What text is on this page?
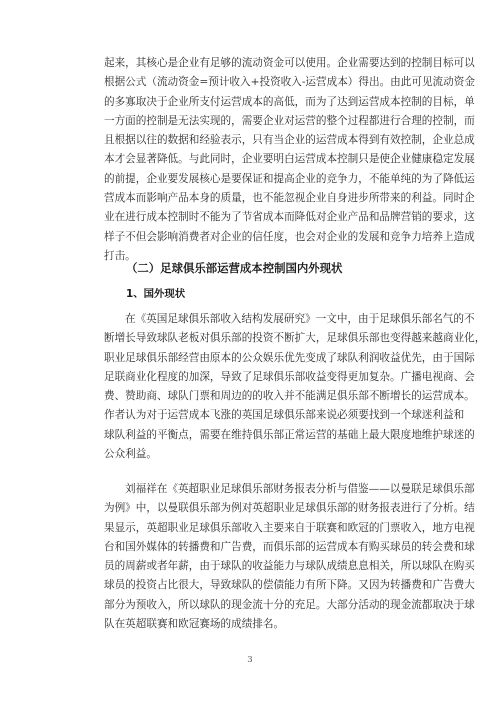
起来，其核心是企业有足够的流动资金可以使用。企业需要达到的控制目标可以
根据公式（流动资金=预计收入+投资收入-运营成本）得出。由此可见流动资金
的多寡取决于企业所支付运营成本的高低，而为了达到运营成本控制的目标，单
一方面的控制是无法实现的，需要企业对运营的整个过程都进行合理的控制，而
且根据以往的数据和经验表示，只有当企业的运营成本得到有效控制，企业总成
本才会显著降低。与此同时，企业要明白运营成本控制只是使企业健康稳定发展
的前提，企业要发展核心是要保证和提高企业的竞争力，不能单纯的为了降低运
营成本而影响产品本身的质量，也不能忽视企业自身进步所带来的利益。同时企
业在进行成本控制时不能为了节省成本而降低对企业产品和品牌营销的要求，这
样子不但会影响消费者对企业的信任度，也会对企业的发展和竞争力培养上造成
打击。
（二）足球俱乐部运营成本控制国内外现状
1、国外现状
在《英国足球俱乐部收入结构发展研究》一文中，由于足球俱乐部名气的不
断增长导致球队老板对俱乐部的投资不断扩大，足球俱乐部也变得越来越商业化，
职业足球俱乐部经营由原本的公众娱乐优先变成了球队利润收益优先，由于国际
足联商业化程度的加深，导致了足球俱乐部收益变得更加复杂。广播电视商、会
费、赞助商、球队门票和周边的的收入并不能满足俱乐部不断增长的运营成本。
作者认为对于运营成本飞涨的英国足球俱乐部来说必须要找到一个球迷利益和
球队利益的平衡点，需要在维持俱乐部正常运营的基础上最大限度地维护球迷的
公众利益。
刘福祥在《英超职业足球俱乐部财务报表分析与借鉴——以曼联足球俱乐部
为例》中，以曼联俱乐部为例对英超职业足球俱乐部的财务报表进行了分析。结
果显示，英超职业足球俱乐部收入主要来自于联赛和欧冠的门票收入，地方电视
台和国外媒体的转播费和广告费，而俱乐部的运营成本有购买球员的转会费和球
员的周薪或者年薪，由于球队的收益能力与球队成绩息息相关，所以球队在购买
球员的投资占比很大，导致球队的偿债能力有所下降。又因为转播费和广告费大
部分为预收入，所以球队的现金流十分的充足。大部分活动的现金流都取决于球
队在英超联赛和欧冠赛场的成绩排名。
3
